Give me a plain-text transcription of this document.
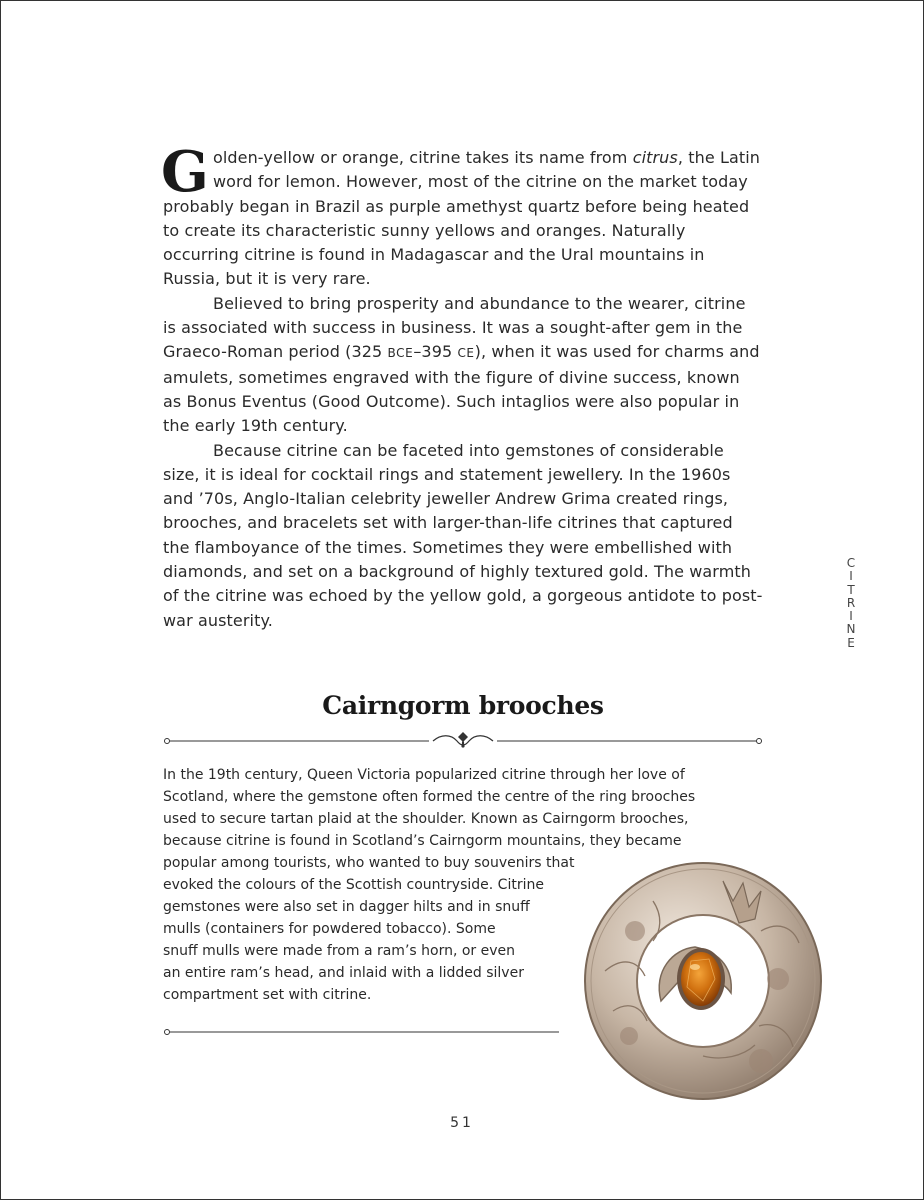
Golden-yellow or orange, citrine takes its name from citrus, the Latin word for lemon. However, most of the citrine on the market today probably began in Brazil as purple amethyst quartz before being heated to create its characteristic sunny yellows and oranges. Naturally occurring citrine is found in Madagascar and the Ural mountains in Russia, but it is very rare.

Believed to bring prosperity and abundance to the wearer, citrine is associated with success in business. It was a sought-after gem in the Graeco-Roman period (325 BCE–395 CE), when it was used for charms and amulets, sometimes engraved with the figure of divine success, known as Bonus Eventus (Good Outcome). Such intaglios were also popular in the early 19th century.

Because citrine can be faceted into gemstones of considerable size, it is ideal for cocktail rings and statement jewellery. In the 1960s and ’70s, Anglo-Italian celebrity jeweller Andrew Grima created rings, brooches, and bracelets set with larger-than-life citrines that captured the flamboyance of the times. Sometimes they were embellished with diamonds, and set on a background of highly textured gold. The warmth of the citrine was echoed by the yellow gold, a gorgeous antidote to post-war austerity.

C
I
T
R
I
N
E
Cairngorm brooches
In the 19th century, Queen Victoria popularized citrine through her love of
Scotland, where the gemstone often formed the centre of the ring brooches
used to secure tartan plaid at the shoulder. Known as Cairngorm brooches,
because citrine is found in Scotland’s Cairngorm mountains, they became
popular among tourists, who wanted to buy souvenirs that
evoked the colours of the Scottish countryside. Citrine
gemstones were also set in dagger hilts and in snuff
mulls (containers for powdered tobacco). Some
snuff mulls were made from a ram’s horn, or even
an entire ram’s head, and inlaid with a lidded silver
compartment set with citrine.
51
